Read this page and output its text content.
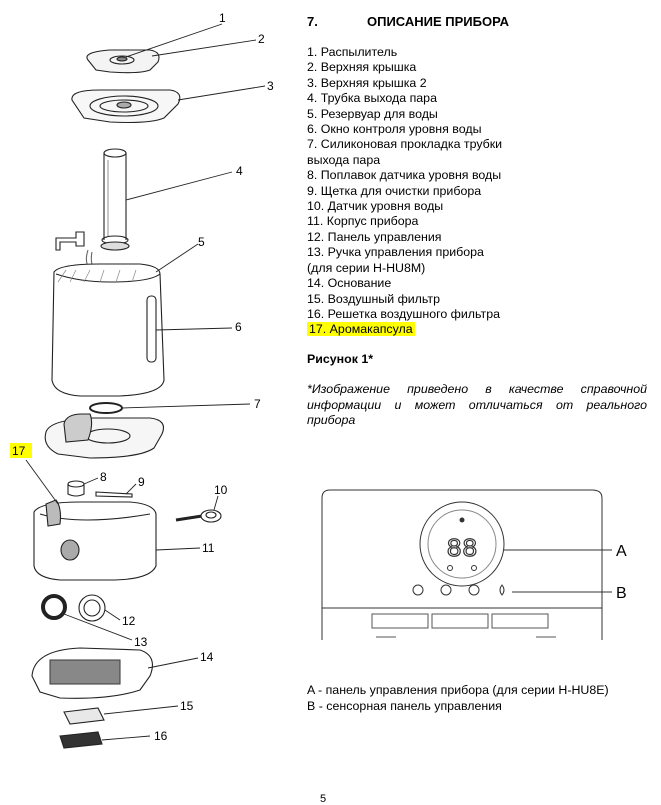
7.	ОПИСАНИЕ ПРИБОРА
1. Распылитель
2. Верхняя крышка
3. Верхняя крышка 2
4. Трубка выхода пара
5. Резервуар для воды
6. Окно контроля уровня воды
7. Силиконовая прокладка трубки
выхода пара
8. Поплавок датчика уровня воды
9. Щетка для очистки прибора
10. Датчик уровня воды
11. Корпус прибора
12. Панель управления
13. Ручка управления прибора
(для серии H-HU8M)
14. Основание
15. Воздушный фильтр
16. Решетка воздушного фильтра
17. Аромакапсула
Рисунок 1*
*Изображение приведено в качестве справочной информации и может отличаться от реального прибора
1
2
3
4
5
6
7
8	9
10
11
12
13
14
15
16
17
88	A
B
A - панель управления прибора (для серии H-HU8E)
B - сенсорная панель управления
5
